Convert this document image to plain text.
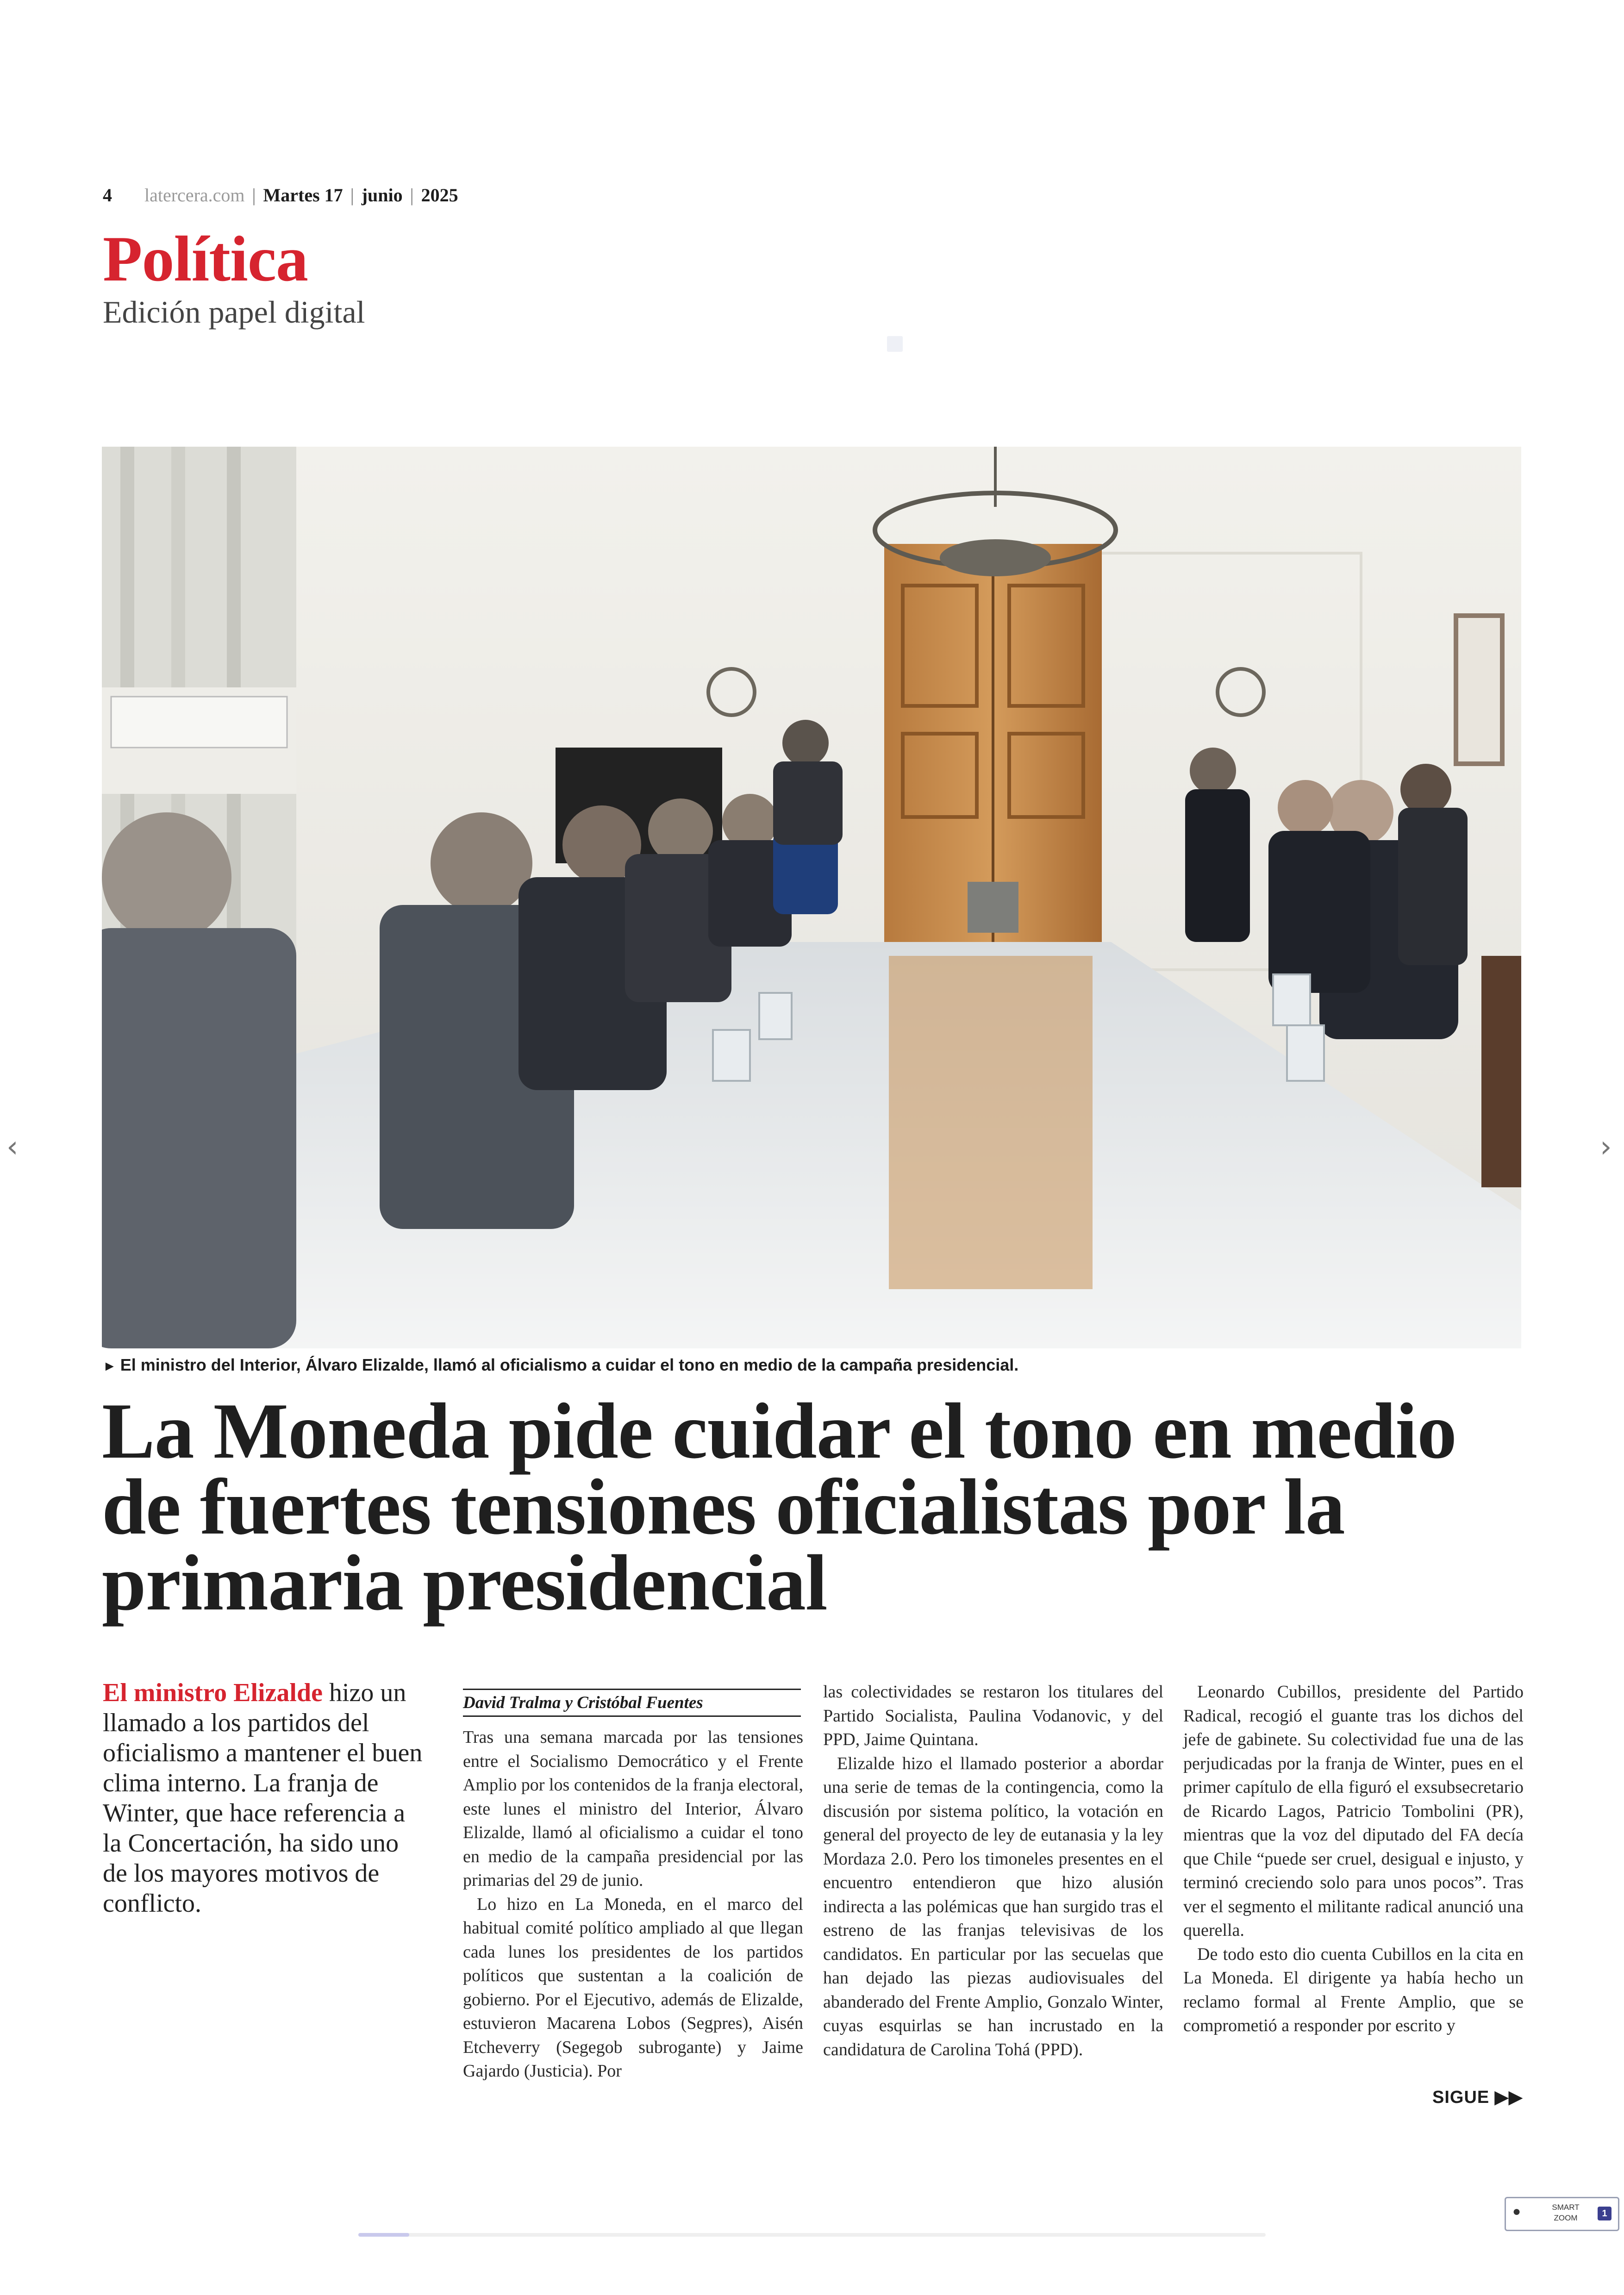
4 latercera.com | Martes 17 | junio | 2025
Política
Edición papel digital
► El ministro del Interior, Álvaro Elizalde, llamó al oficialismo a cuidar el tono en medio de la campaña presidencial.
La Moneda pide cuidar el tono en medio de fuertes tensiones oficialistas por la primaria presidencial
El ministro Elizalde hizo un llamado a los partidos del oficialismo a mantener el buen clima interno. La franja de Winter, que hace referencia a la Concertación, ha sido uno de los mayores motivos de conflicto.
David Tralma y Cristóbal Fuentes

Tras una semana marcada por las tensiones entre el Socialismo Democrático y el Frente Amplio por los contenidos de la franja electoral, este lunes el ministro del Interior, Álvaro Elizalde, llamó al oficialismo a cuidar el tono en medio de la campaña presidencial por las primarias del 29 de junio.

Lo hizo en La Moneda, en el marco del habitual comité político ampliado al que llegan cada lunes los presidentes de los partidos políticos que sustentan a la coalición de gobierno. Por el Ejecutivo, además de Elizalde, estuvieron Macarena Lobos (Segpres), Aisén Etcheverry (Segegob subrogante) y Jaime Gajardo (Justicia). Por

las colectividades se restaron los titulares del Partido Socialista, Paulina Vodanovic, y del PPD, Jaime Quintana.

Elizalde hizo el llamado posterior a abordar una serie de temas de la contingencia, como la discusión por sistema político, la votación en general del proyecto de ley de eutanasia y la ley Mordaza 2.0. Pero los timoneles presentes en el encuentro entendieron que hizo alusión indirecta a las polémicas que han surgido tras el estreno de las franjas televisivas de los candidatos. En particular por las secuelas que han dejado las piezas audiovisuales del abanderado del Frente Amplio, Gonzalo Winter, cuyas esquirlas se han incrustado en la candidatura de Carolina Tohá (PPD).

Leonardo Cubillos, presidente del Partido Radical, recogió el guante tras los dichos del jefe de gabinete. Su colectividad fue una de las perjudicadas por la franja de Winter, pues en el primer capítulo de ella figuró el exsubsecretario de Ricardo Lagos, Patricio Tombolini (PR), mientras que la voz del diputado del FA decía que Chile “puede ser cruel, desigual e injusto, y terminó creciendo solo para unos pocos”. Tras ver el segmento el militante radical anunció una querella.

De todo esto dio cuenta Cubillos en la cita en La Moneda. El dirigente ya había hecho un reclamo formal al Frente Amplio, que se comprometió a responder por escrito y

SIGUE ▶▶
‹	›
●	SMART
ZOOM	1
